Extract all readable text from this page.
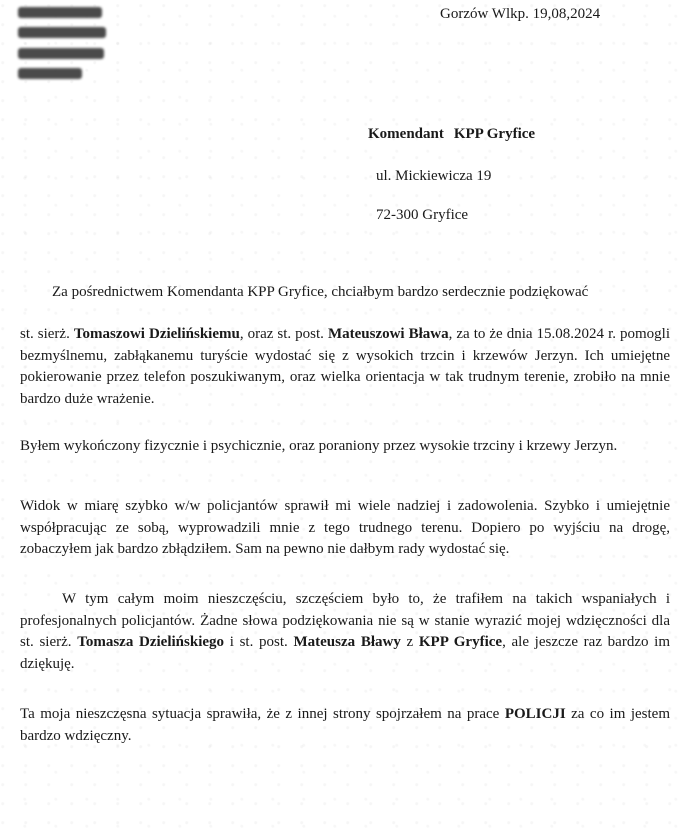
Gorzów Wlkp. 19,08,2024
Komendant KPP Gryfice
ul. Mickiewicza 19
72-300 Gryfice
Za pośrednictwem Komendanta KPP Gryfice, chciałbym bardzo serdecznie podziękować
st. sierż. Tomaszowi Dzielińskiemu, oraz st. post. Mateuszowi Bława, za to że dnia 15.08.2024 r. pomogli bezmyślnemu, zabłąkanemu turyście wydostać się z wysokich trzcin i krzewów Jerzyn. Ich umiejętne pokierowanie przez telefon poszukiwanym, oraz wielka orientacja w tak trudnym terenie, zrobiło na mnie bardzo duże wrażenie.
Byłem wykończony fizycznie i psychicznie, oraz poraniony przez wysokie trzciny i krzewy Jerzyn.
Widok w miarę szybko w/w policjantów sprawił mi wiele nadziej i zadowolenia. Szybko i umiejętnie współpracując ze sobą, wyprowadzili mnie z tego trudnego terenu. Dopiero po wyjściu na drogę, zobaczyłem jak bardzo zbłądziłem. Sam na pewno nie dałbym rady wydostać się.
W tym całym moim nieszczęściu, szczęściem było to, że trafiłem na takich wspaniałych i profesjonalnych policjantów. Żadne słowa podziękowania nie są w stanie wyrazić mojej wdzięczności dla st. sierż. Tomasza Dzielińskiego i st. post. Mateusza Bławy z KPP Gryfice, ale jeszcze raz bardzo im dziękuję.
Ta moja nieszczęsna sytuacja sprawiła, że z innej strony spojrzałem na prace POLICJI za co im jestem bardzo wdzięczny.
